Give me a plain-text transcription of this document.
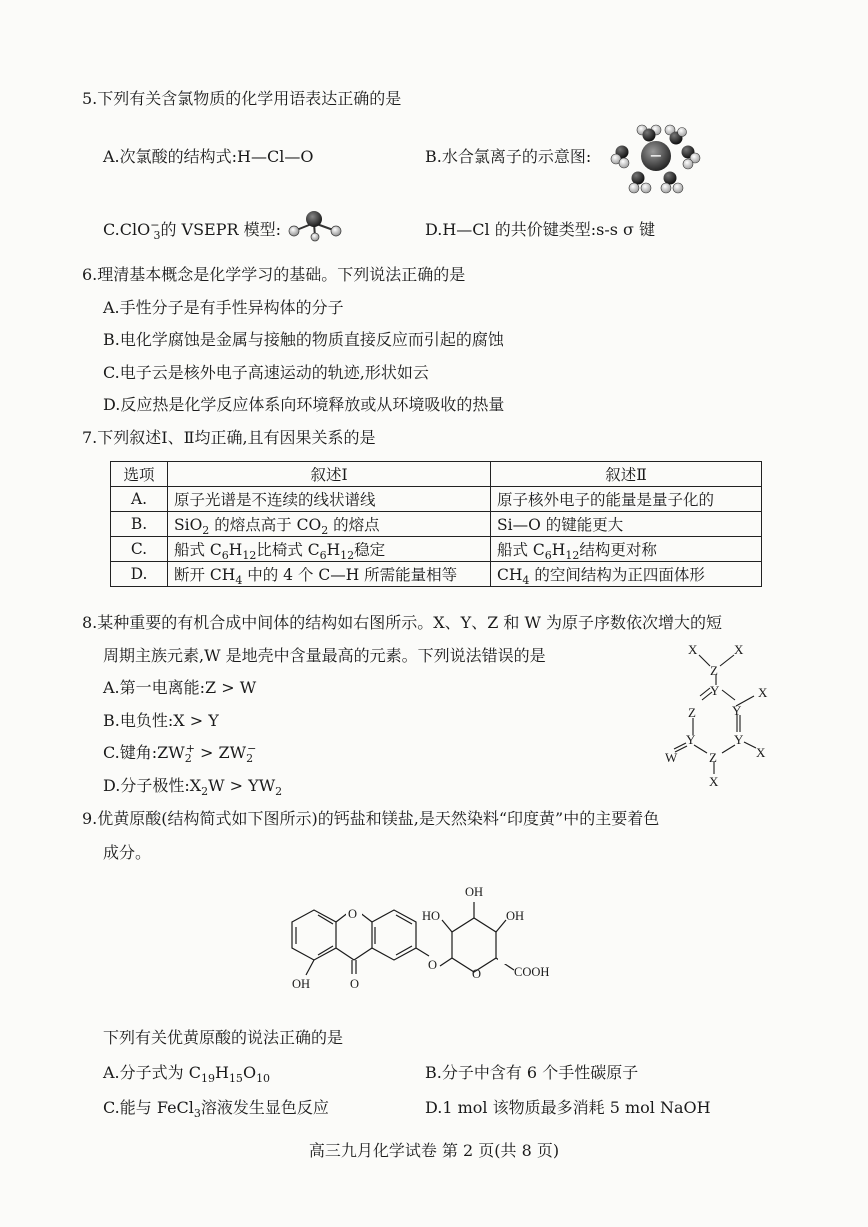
5.下列有关含氯物质的化学用语表达正确的是
A.次氯酸的结构式:H—Cl—O	B.水合氯离子的示意图:	−
C.ClO−$_3$的 VSEPR 模型:	D.H—Cl 的共价键类型:s-s σ 键
6.理清基本概念是化学学习的基础。下列说法正确的是
A.手性分子是有手性异构体的分子
B.电化学腐蚀是金属与接触的物质直接反应而引起的腐蚀
C.电子云是核外电子高速运动的轨迹,形状如云
D.反应热是化学反应体系向环境释放或从环境吸收的热量
7.下列叙述Ⅰ、Ⅱ均正确,且有因果关系的是
选项	叙述Ⅰ	叙述Ⅱ
A.	原子光谱是不连续的线状谱线	原子核外电子的能量是量子化的
B.	SiO$_2$ 的熔点高于 $CO_2$ 的熔点	Si—O 的键能更大
C.	船式 $C_6H_{12}$比椅式 $C_6H_{12}$稳定	船式 $C_6H_{12}$结构更对称
D.	断开 $CH_4$ 中的 4 个 C—H 所需能量相等	$CH_4$ 的空间结构为正四面体形
8.某种重要的有机合成中间体的结构如右图所示。X、Y、Z 和 W 为原子序数依次增大的短
周期主族元素,W 是地壳中含量最高的元素。下列说法错误的是
A.第一电离能:Z > W
B.电负性:X > Y
C.键角$:ZW_2^+ > ZW_2^-$
D.分子极性$:X_2W > YW_2$
X	X
Z
Y	X
Z	Y
Y	Y
X
W Z
X
9.优黄原酸(结构简式如下图所示)的钙盐和镁盐,是天然染料“印度黄”中的主要着色
成分。
O
O
O
O
OH
HO
OH
OH
COOH
下列有关优黄原酸的说法正确的是
A.分子式为 $C_{19}H_{15}O_{10}$	B.分子中含有 6 个手性碳原子
C.能与 FeCl$_3$溶液发生显色反应	D.1 mol 该物质最多消耗 5 mol NaOH
高三九月化学试卷 第 2 页(共 8 页)
